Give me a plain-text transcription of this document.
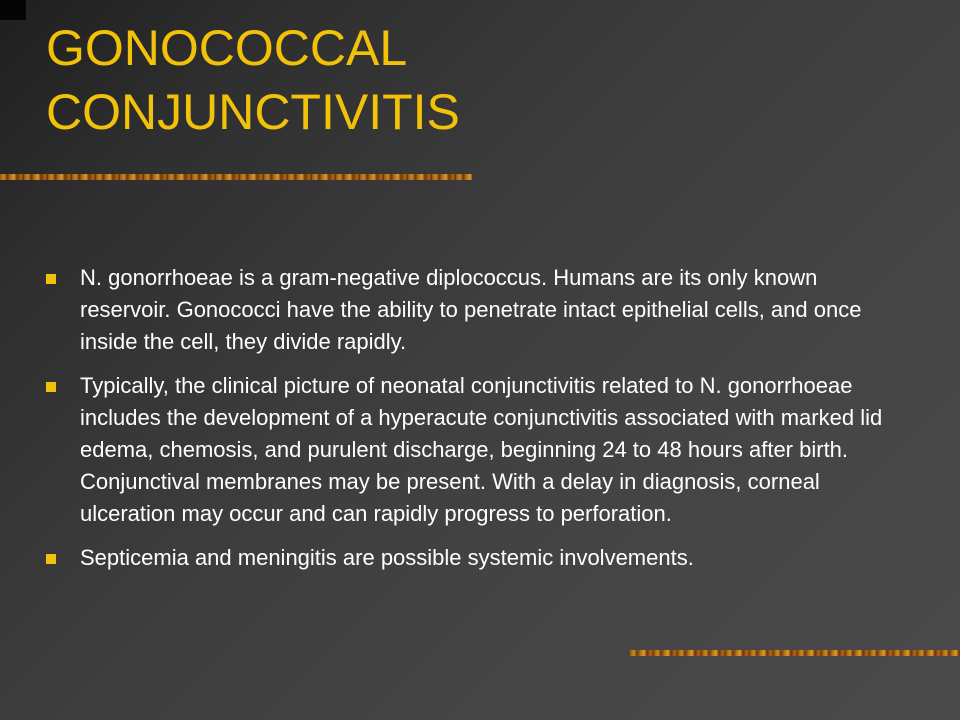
GONOCOCCAL
CONJUNCTIVITIS
N. gonorrhoeae is a gram-negative diplococcus. Humans are its only known reservoir. Gonococci have the ability to penetrate intact epithelial cells, and once inside the cell, they divide rapidly.
Typically, the clinical picture of neonatal conjunctivitis related to N. gonorrhoeae includes the development of a hyperacute conjunctivitis associated with marked lid edema, chemosis, and purulent discharge, beginning 24 to 48 hours after birth. Conjunctival membranes may be present. With a delay in diagnosis, corneal ulceration may occur and can rapidly progress to perforation.
Septicemia and meningitis are possible systemic involvements.
